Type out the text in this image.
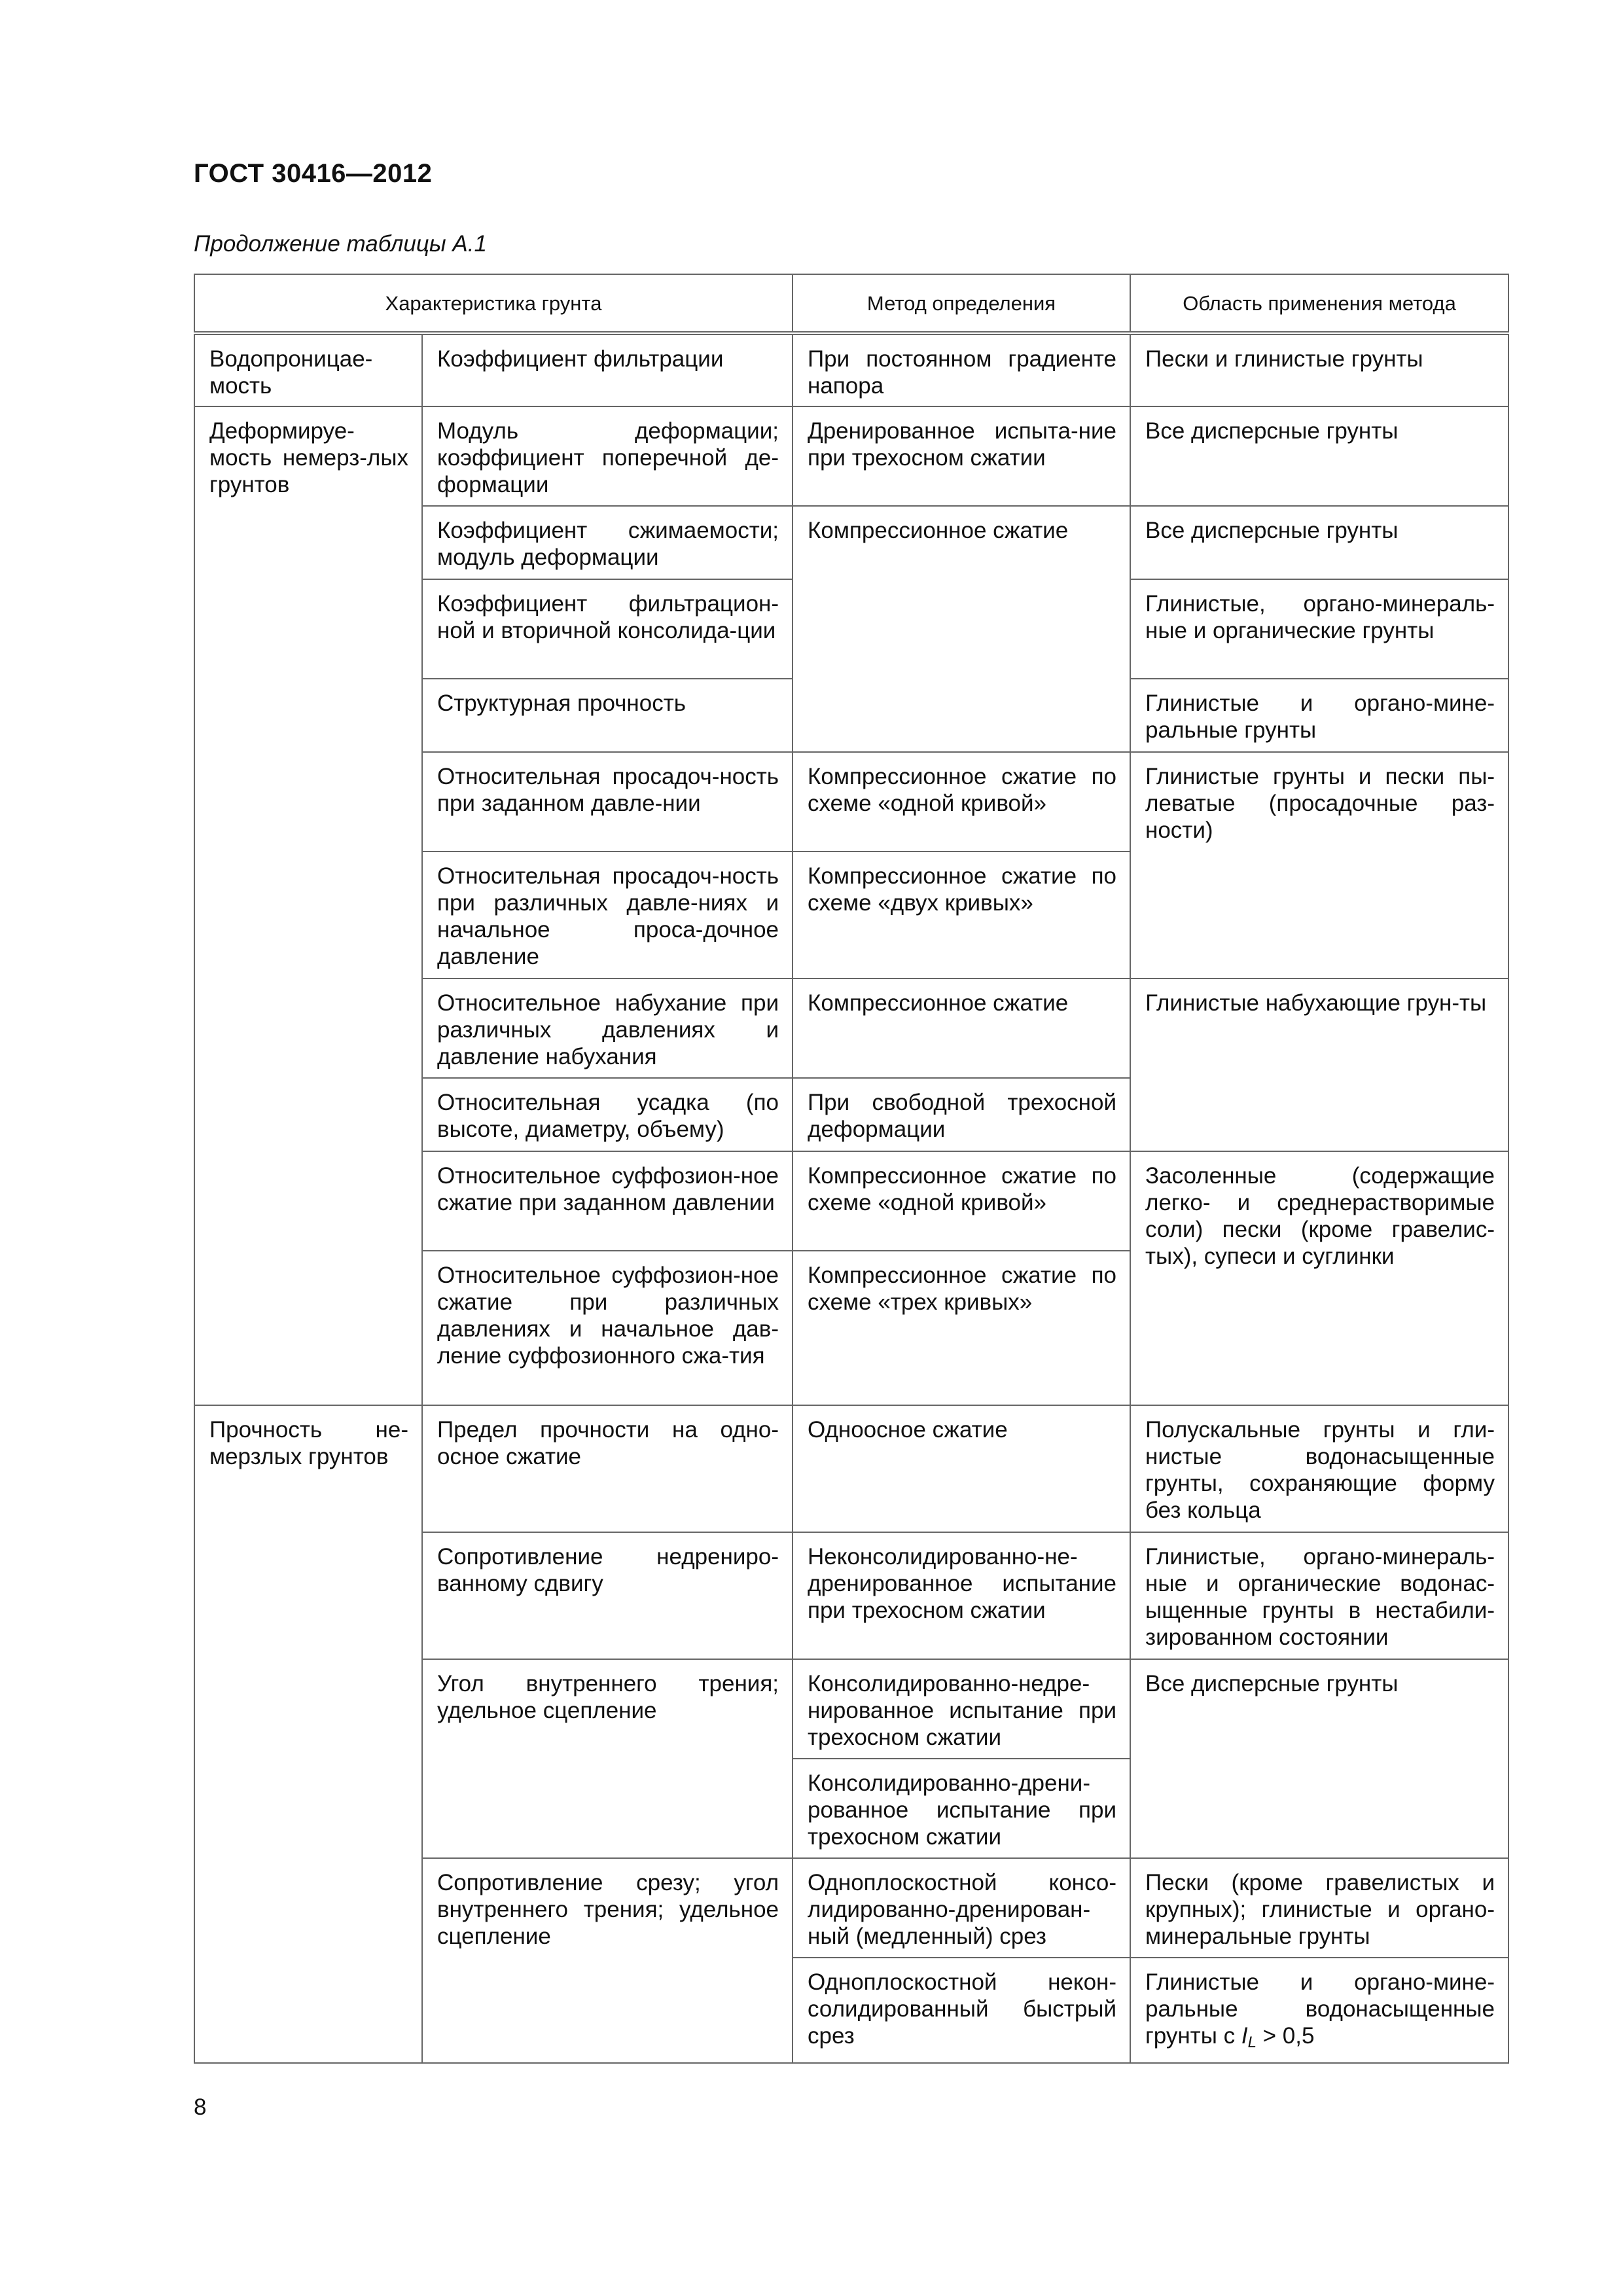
ГОСТ 30416—2012
Продолжение таблицы А.1
Характеристика грунта		Метод определения	Область применения метода
Водопроницае-мость	Коэффициент фильтрации	При постоянном градиенте напора	Пески и глинистые грунты
Деформируе-мость немерз-лых грунтов	Модуль деформации; коэффициент поперечной де-формации	Дренированное испыта-ние при трехосном сжатии	Все дисперсные грунты
	Коэффициент сжимаемости; модуль деформации	Компрессионное сжатие	Все дисперсные грунты
	Коэффициент фильтрацион-ной и вторичной консолида-ции		Глинистые, органо-минераль-ные и органические грунты
	Структурная прочность		Глинистые и органо-мине-ральные грунты
	Относительная просадоч-ность при заданном давле-нии	Компрессионное сжатие по схеме «одной кривой»	Глинистые грунты и пески пы-леватые (просадочные раз-ности)
	Относительная просадоч-ность при различных давле-ниях и начальное проса-дочное давление	Компрессионное сжатие по схеме «двух кривых»	
	Относительное набухание при различных давлениях и давление набухания	Компрессионное сжатие	Глинистые набухающие грун-ты
	Относительная усадка (по высоте, диаметру, объему)	При свободной трехосной деформации	
	Относительное суффозион-ное сжатие при заданном давлении	Компрессионное сжатие по схеме «одной кривой»	Засоленные (содержащие легко- и среднерастворимые соли) пески (кроме гравелис-тых), супеси и суглинки
	Относительное суффозион-ное сжатие при различных давлениях и начальное дав-ление суффозионного сжа-тия	Компрессионное сжатие по схеме «трех кривых»	
Прочность не-мерзлых грунтов	Предел прочности на одно-осное сжатие	Одноосное сжатие	Полускальные грунты и гли-нистые водонасыщенные грунты, сохраняющие форму без кольца
	Сопротивление недрениро-ванному сдвигу	Неконсолидированно-не-дренированное испытание при трехосном сжатии	Глинистые, органо-минераль-ные и органические водонас-ыщенные грунты в нестабили-зированном состоянии
	Угол внутреннего трения; удельное сцепление	Консолидированно-недре-нированное испытание при трехосном сжатии	Все дисперсные грунты
		Консолидированно-дрени-рованное испытание при трехосном сжатии	
	Сопротивление срезу; угол внутреннего трения; удельное сцепление	Одноплоскостной консо-лидированно-дренирован-ный (медленный) срез	Пески (кроме гравелистых и крупных); глинистые и органо-минеральные грунты
		Одноплоскостной некон-солидированный быстрый срез	Глинистые и органо-мине-ральные водонасыщенные грунты с $I_L > 0,5$
8
